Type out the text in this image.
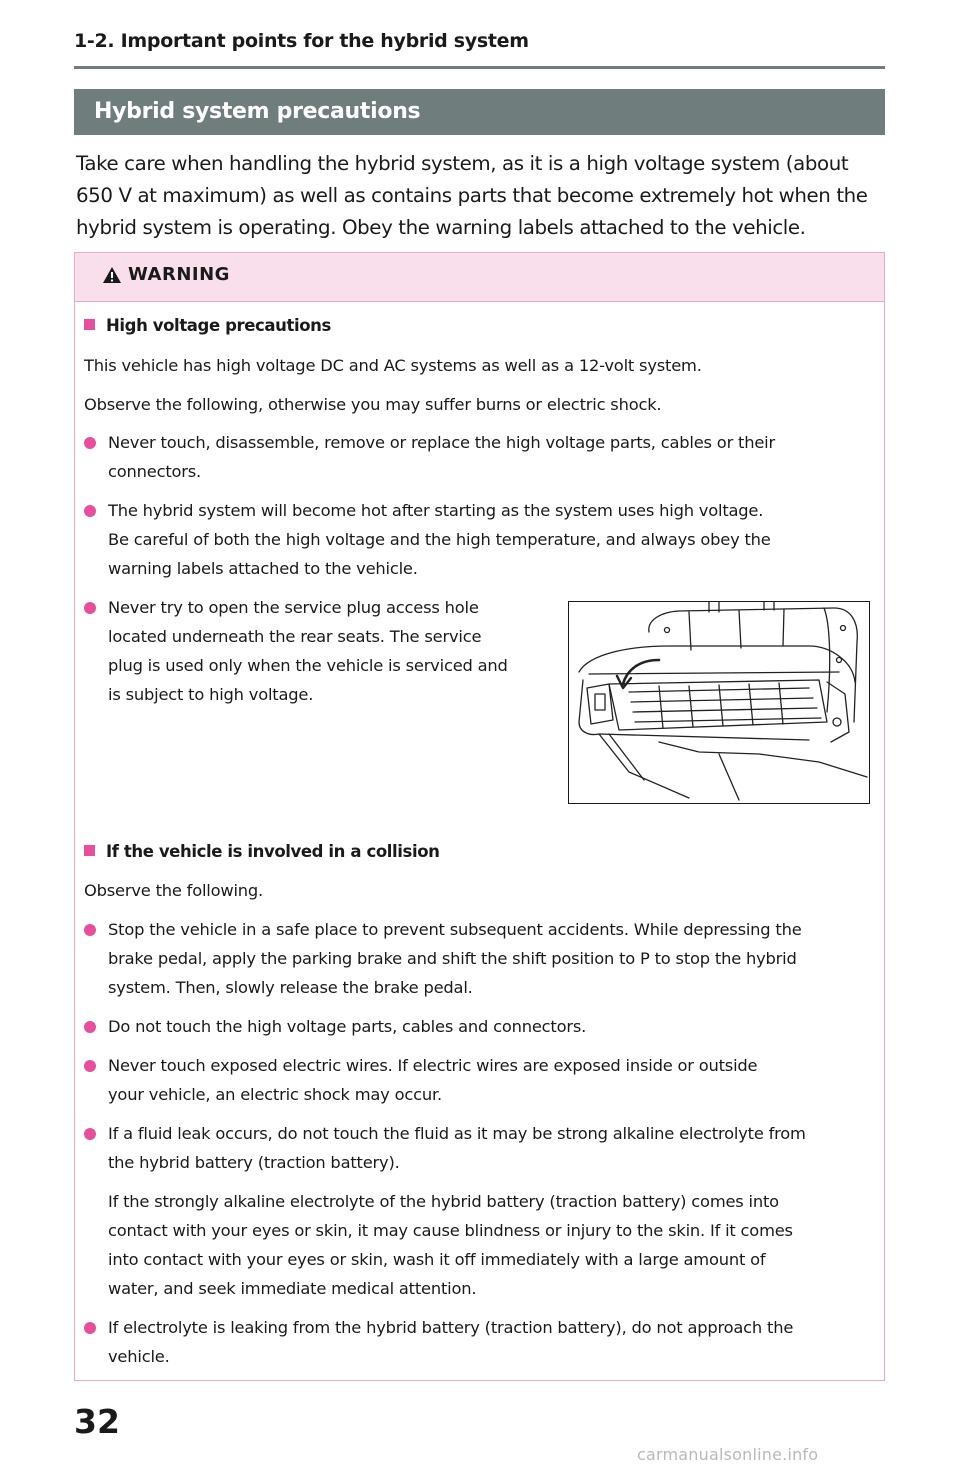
1-2. Important points for the hybrid system
Hybrid system precautions
Take care when handling the hybrid system, as it is a high voltage system (about
650 V at maximum) as well as contains parts that become extremely hot when the
hybrid system is operating. Obey the warning labels attached to the vehicle.
WARNING
High voltage precautions
This vehicle has high voltage DC and AC systems as well as a 12-volt system.
Observe the following, otherwise you may suffer burns or electric shock.
Never touch, disassemble, remove or replace the high voltage parts, cables or their
connectors.
The hybrid system will become hot after starting as the system uses high voltage.
Be careful of both the high voltage and the high temperature, and always obey the
warning labels attached to the vehicle.
Never try to open the service plug access hole
located underneath the rear seats. The service
plug is used only when the vehicle is serviced and
is subject to high voltage.
If the vehicle is involved in a collision
Observe the following.
Stop the vehicle in a safe place to prevent subsequent accidents. While depressing the
brake pedal, apply the parking brake and shift the shift position to P to stop the hybrid
system. Then, slowly release the brake pedal.
Do not touch the high voltage parts, cables and connectors.
Never touch exposed electric wires. If electric wires are exposed inside or outside
your vehicle, an electric shock may occur.
If a fluid leak occurs, do not touch the fluid as it may be strong alkaline electrolyte from
the hybrid battery (traction battery).
If the strongly alkaline electrolyte of the hybrid battery (traction battery) comes into
contact with your eyes or skin, it may cause blindness or injury to the skin. If it comes
into contact with your eyes or skin, wash it off immediately with a large amount of
water, and seek immediate medical attention.
If electrolyte is leaking from the hybrid battery (traction battery), do not approach the
vehicle.
32
carmanualsonline.info
